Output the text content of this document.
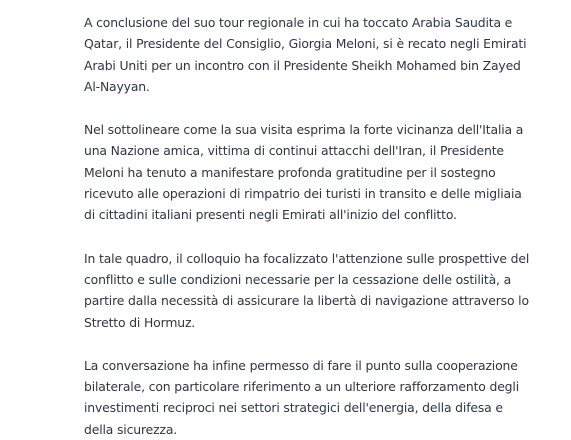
A conclusione del suo tour regionale in cui ha toccato Arabia Saudita e
Qatar, il Presidente del Consiglio, Giorgia Meloni, si è recato negli Emirati
Arabi Uniti per un incontro con il Presidente Sheikh Mohamed bin Zayed
Al-Nayyan.

Nel sottolineare come la sua visita esprima la forte vicinanza dell'Italia a
una Nazione amica, vittima di continui attacchi dell'Iran, il Presidente
Meloni ha tenuto a manifestare profonda gratitudine per il sostegno
ricevuto alle operazioni di rimpatrio dei turisti in transito e delle migliaia
di cittadini italiani presenti negli Emirati all'inizio del conflitto.

In tale quadro, il colloquio ha focalizzato l'attenzione sulle prospettive del
conflitto e sulle condizioni necessarie per la cessazione delle ostilità, a
partire dalla necessità di assicurare la libertà di navigazione attraverso lo
Stretto di Hormuz.

La conversazione ha infine permesso di fare il punto sulla cooperazione
bilaterale, con particolare riferimento a un ulteriore rafforzamento degli
investimenti reciproci nei settori strategici dell'energia, della difesa e
della sicurezza.
